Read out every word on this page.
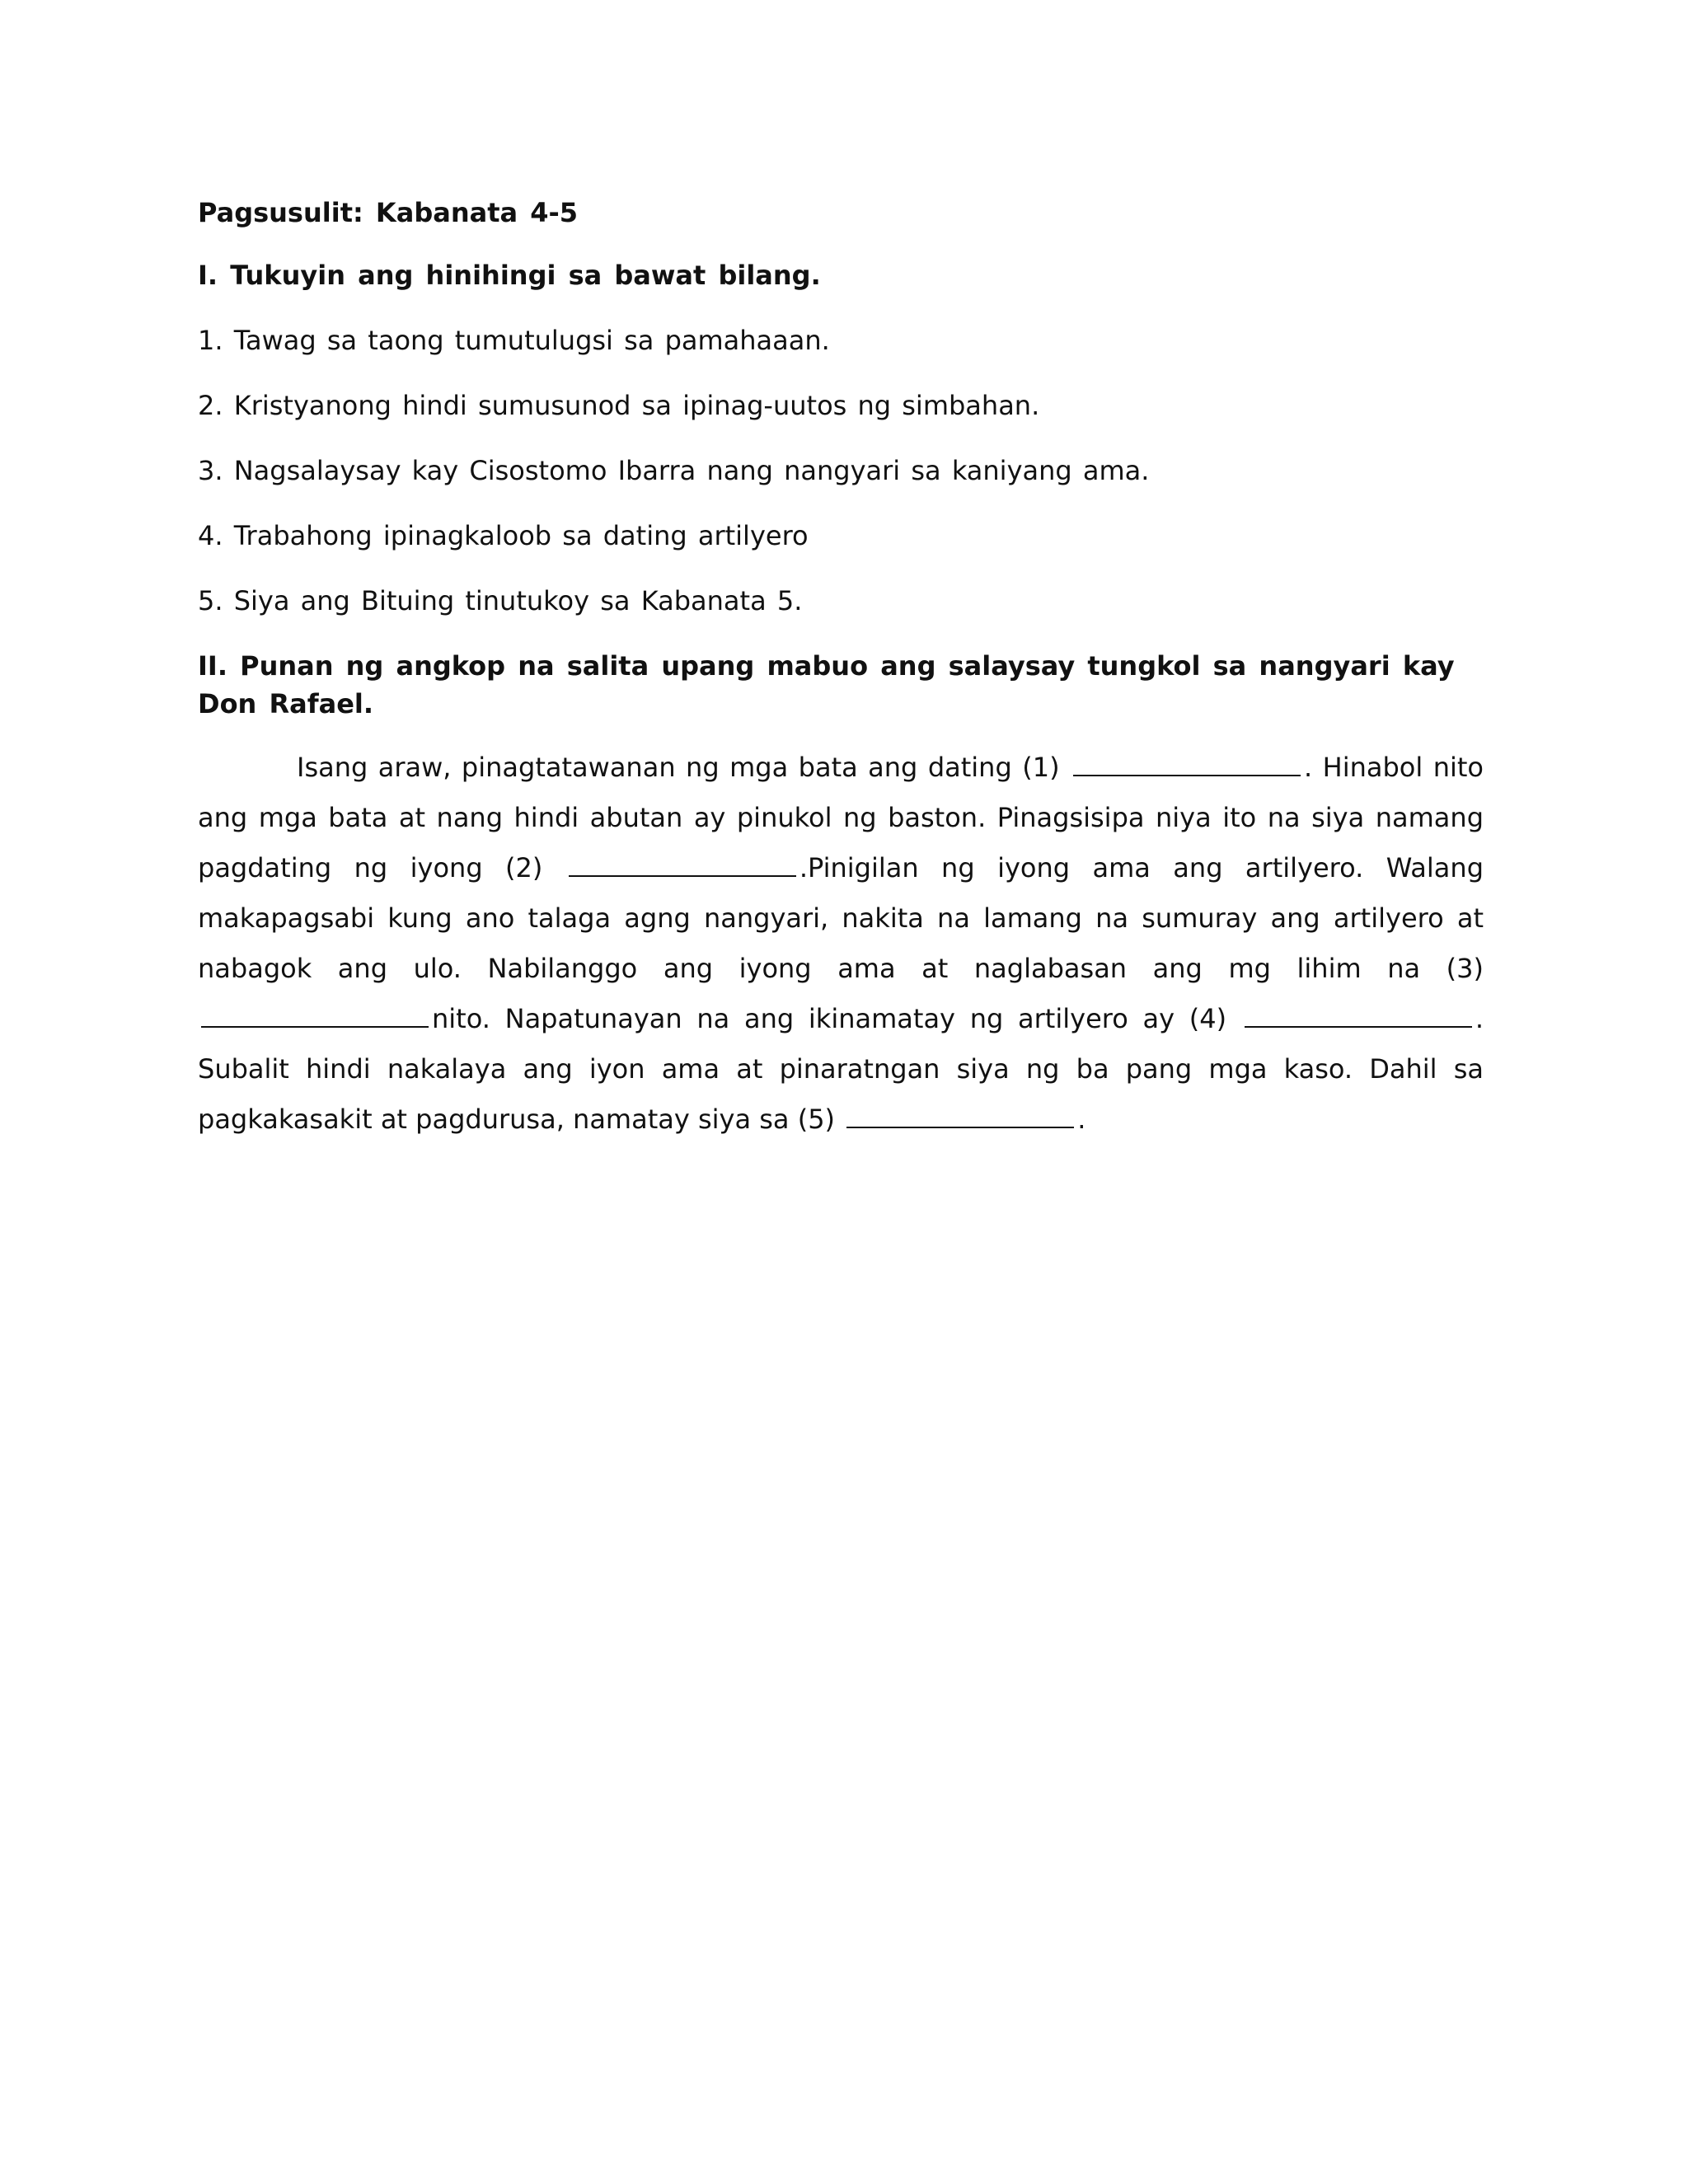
Pagsusulit: Kabanata 4-5
I. Tukuyin ang hinihingi sa bawat bilang.
1. Tawag sa taong tumutulugsi sa pamahaaan.
2. Kristyanong hindi sumusunod sa ipinag-uutos ng simbahan.
3. Nagsalaysay kay Cisostomo Ibarra nang nangyari sa kaniyang ama.
4. Trabahong ipinagkaloob sa dating artilyero
5. Siya ang Bituing tinutukoy sa Kabanata 5.
II. Punan ng angkop na salita upang mabuo ang salaysay tungkol sa nangyari kay Don Rafael.

Isang araw, pinagtatawanan ng mga bata ang dating (1)	. Hinabol nito ang mga bata at nang hindi abutan ay pinukol ng baston. Pinagsisipa niya ito na siya namang pagdating ng iyong (2)	.Pinigilan ng iyong ama ang artilyero. Walang makapagsabi kung ano talaga agng nangyari, nakita na lamang na sumuray ang artilyero at nabagok ang ulo. Nabilanggo ang iyong ama at naglabasan ang mg lihim na (3) nito. Napatunayan na ang ikinamatay ng artilyero ay (4)	. Subalit hindi nakalaya ang iyon ama at pinaratngan siya ng ba pang mga kaso. Dahil sa pagkakasakit at pagdurusa, namatay siya sa (5)	.
